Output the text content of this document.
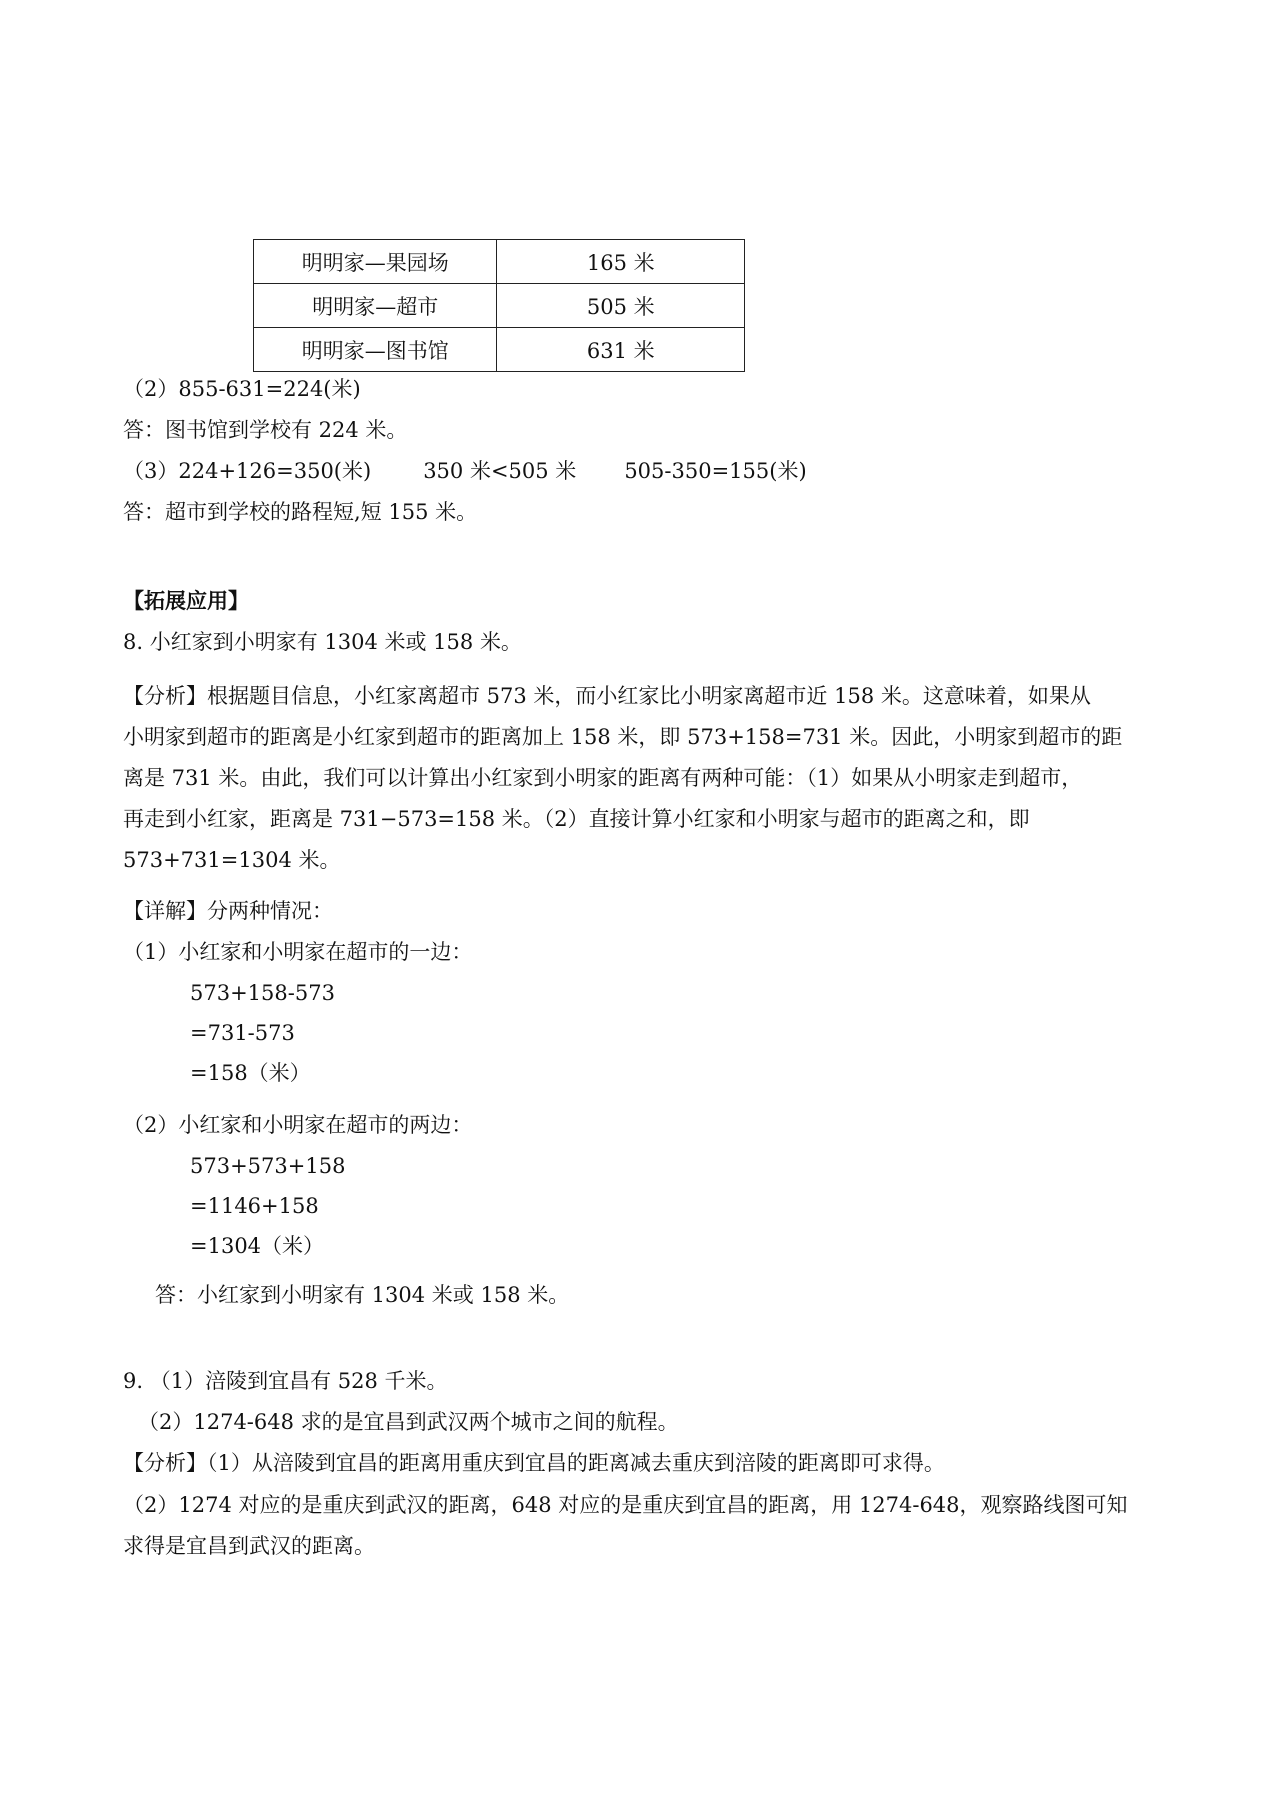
明明家—果园场	165 米
明明家—超市	505 米
明明家—图书馆	631 米
（2）855-631=224(米)
答：图书馆到学校有 224 米。
（3）224+126=350(米) 350 米<505 米 505-350=155(米)
答：超市到学校的路程短,短 155 米。
【拓展应用】
8. 小红家到小明家有 1304 米或 158 米。
【分析】根据题目信息，小红家离超市 573 米，而小红家比小明家离超市近 158 米。这意味着，如果从
小明家到超市的距离是小红家到超市的距离加上 158 米，即 573+158=731 米。因此，小明家到超市的距
离是 731 米。由此，我们可以计算出小红家到小明家的距离有两种可能：（1）如果从小明家走到超市，
再走到小红家，距离是 731−573=158 米。（2）直接计算小红家和小明家与超市的距离之和，即
573+731=1304 米。
【详解】分两种情况：
（1）小红家和小明家在超市的一边：
573+158-573
=731-573
=158（米）
（2）小红家和小明家在超市的两边：
573+573+158
=1146+158
=1304（米）
答：小红家到小明家有 1304 米或 158 米。
9. （1）涪陵到宜昌有 528 千米。
（2）1274-648 求的是宜昌到武汉两个城市之间的航程。
【分析】（1）从涪陵到宜昌的距离用重庆到宜昌的距离减去重庆到涪陵的距离即可求得。
（2）1274 对应的是重庆到武汉的距离，648 对应的是重庆到宜昌的距离，用 1274-648，观察路线图可知
求得是宜昌到武汉的距离。
